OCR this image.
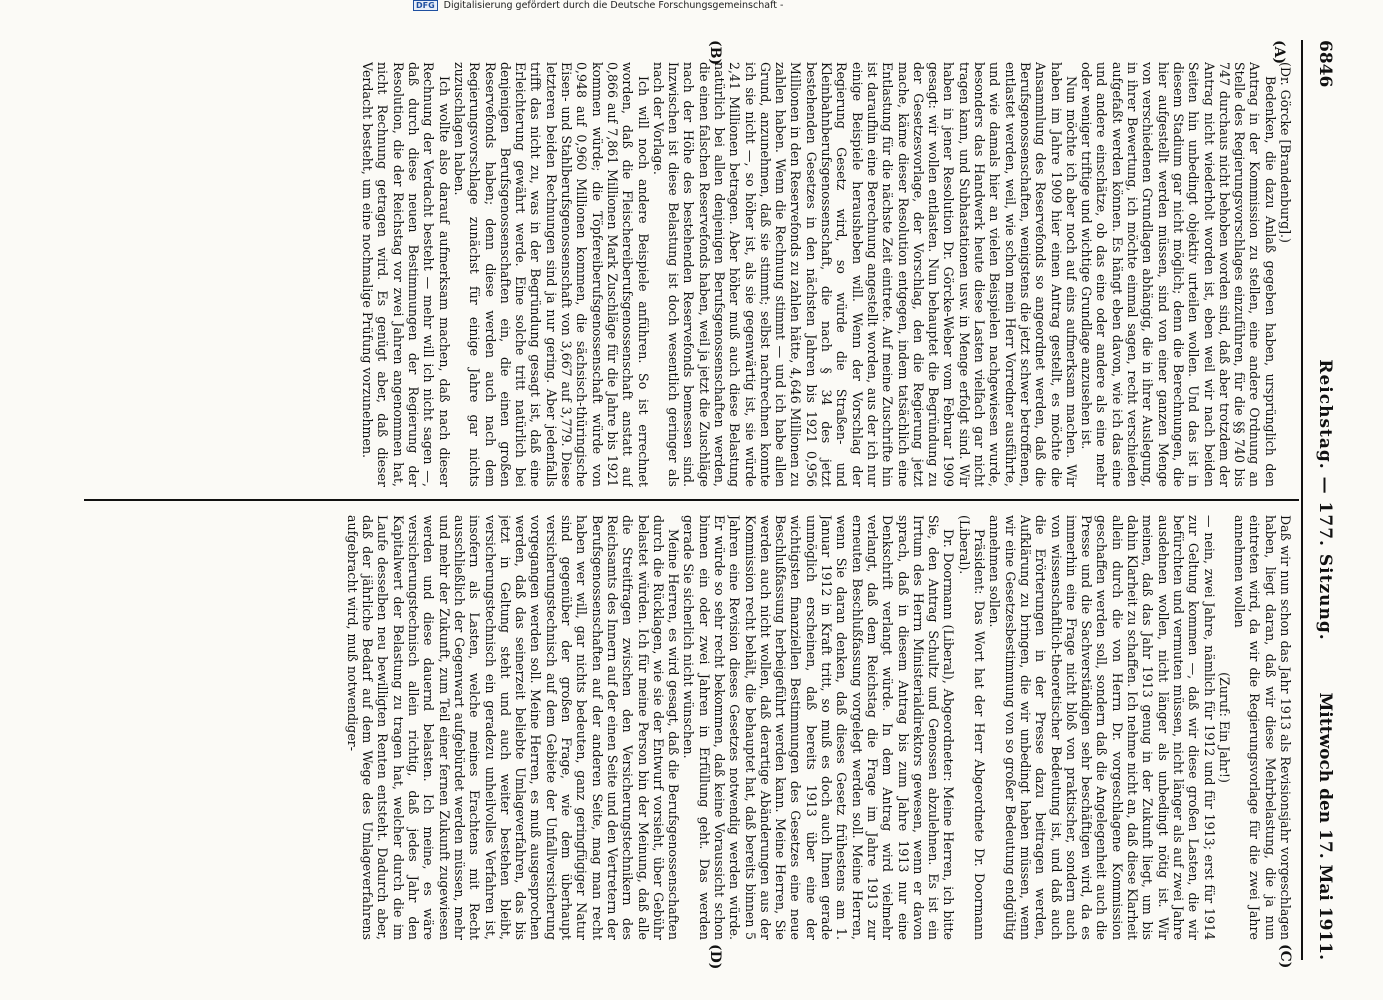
6846
Reichstag. — 177. Sitzung.
Mittwoch den 17. Mai 1911.
(A)
(B)
(C)
(D)

(Dr. Görcke [Brandenburg].)

Bedenken, die dazu Anlaß gegeben haben, ursprünglich den Antrag in der Kommission zu stellen, eine andere Ordnung an Stelle des Regierungsvorschlages einzuführen, für die §§ 740 bis 747 durchaus nicht behoben worden sind, daß aber trotzdem der Antrag nicht wiederholt worden ist, eben weil wir nach beiden Seiten hin unbedingt objektiv urteilen wollen. Und das ist in diesem Stadium gar nicht möglich; denn die Berechnungen, die hier aufgestellt werden müssen, sind von einer ganzen Menge von verschiedenen Grundlagen abhängig, die in ihrer Auslegung, in ihrer Bewertung, ich möchte einmal sagen, recht verschieden aufgefaßt werden können. Es hängt eben davon, wie ich das eine und andere einschätze, ob das eine oder andere als eine mehr oder weniger triftige und wichtige Grundlage anzusehen ist.

Nun möchte ich aber noch auf eins aufmerksam machen. Wir haben im Jahre 1909 hier einen Antrag gestellt, es möchte die Ansammlung des Reservefonds so angeordnet werden, daß die Berufsgenossenschaften, wenigstens die jetzt schwer betroffenen, entlastet werden, weil, wie schon mein Herr Vorredner ausführte, und wie damals hier an vielen Beispielen nachgewiesen wurde, besonders das Handwerk heute diese Lasten vielfach gar nicht tragen kann, und Subhastationen usw. in Menge erfolgt sind. Wir haben in jener Resolution Dr. Görcke-Weber vom Februar 1909 gesagt: wir wollen entlasten. Nun behauptet die Begründung zu der Gesetzesvorlage, der Vorschlag, den die Regierung jetzt mache, käme dieser Resolution entgegen, indem tatsächlich eine Entlastung für die nächste Zeit eintrete. Auf meine Zuschrifte hin ist daraufhin eine Berechnung angestellt worden, aus der ich nur einige Beispiele herausheben will. Wenn der Vorschlag der Regierung Gesetz wird, so würde die Straßen- und Kleinbahnberufsgenossenschaft, die nach § 34 des jetzt bestehenden Gesetzes in den nächsten Jahren bis 1921 0,956 Millionen in den Reservefonds zu zahlen hätte, 4,646 Millionen zu zahlen haben. Wenn die Rechnung stimmt — und ich habe allen Grund, anzunehmen, daß sie stimmt; selbst nachrechnen konnte ich sie nicht —, so höher ist, als sie gegenwärtig ist, sie würde 2,41 Millionen betragen. Aber höher muß auch diese Belastung natürlich bei allen denjenigen Berufsgenossenschaften werden, die einen falschen Reservefonds haben, weil ja jetzt die Zuschläge nach der Höhe des bestehenden Reservefonds bemessen sind. Inzwischen ist diese Belastung ist doch wesentlich geringer als nach der Vorlage.

Ich will noch andere Beispiele anführen. So ist errechnet worden, daß die Fleischereiberufsgenossenschaft anstatt auf 0,866 auf 7,861 Millionen Mark Zuschläge für die Jahre bis 1921 kommen würde; die Töpfereiberufsgenossenschaft würde von 0,948 auf 0,960 Millionen kommen, die sächsisch-thüringische Eisen- und Stahlberufsgenossenschaft von 3,667 auf 3,779. Diese letzteren beiden Rechnungen sind ja nur gering. Aber jedenfalls trifft das nicht zu, was in der Begründung gesagt ist, daß eine Erleichterung gewährt werde. Eine solche tritt natürlich bei denjenigen Berufsgenossenschaften ein, die einen großen Reservefonds haben; denn diese werden auch nach dem Regierungsvorschlage zunächst für einige Jahre gar nichts zuzuschlagen haben.

Ich wollte also darauf aufmerksam machen, daß nach dieser Rechnung der Verdacht besteht — mehr will ich nicht sagen —, daß durch diese neuen Bestimmungen der Regierung der Resolution, die der Reichstag vor zwei Jahren angenommen hat, nicht Rechnung getragen wird. Es genügt aber, daß dieser Verdacht besteht, um eine nochmalige Prüfung vorzunehmen.

Daß wir nun schon das Jahr 1913 als Revisionsjahr vorgeschlagen haben, liegt daran, daß wir diese Mehrbelastung, die ja nun eintreten wird, da wir die Regierungsvorlage für die zwei Jahre annehmen wollen

(Zuruf: Ein Jahr!)

— nein, zwei Jahre, nämlich für 1912 und für 1913; erst für 1914 zur Geltung kommen —, daß wir diese großen Lasten, die wir befürchten und vermuten müssen, nicht länger als auf zwei Jahre ausdehnen wollen, nicht länger als unbedingt nötig ist. Wir meinen, daß das Jahr 1913 genug in der Zukunft liegt, um bis dahin Klarheit zu schaffen. Ich nehme nicht an, daß diese Klarheit allein durch die von Herrn Dr. vorgeschlagene Kommission geschaffen werden soll, sondern daß die Angelegenheit auch die Presse und die Sachverständigen sehr beschäftigen wird, da es immerhin eine Frage nicht bloß von praktischer, sondern auch von wissenschaftlich-theoretischer Bedeutung ist, und daß auch die Erörterungen in der Presse dazu beitragen werden, Aufklärung zu bringen, die wir unbedingt haben müssen, wenn wir eine Gesetzesbestimmung von so großer Bedeutung endgültig annehmen sollen.

Präsident: Das Wort hat der Herr Abgeordnete Dr. Doormann (Liberal).

Dr. Doormann (Liberal), Abgeordneter: Meine Herren, ich bitte Sie, den Antrag Schultz und Genossen abzulehnen. Es ist ein Irrtum des Herrn Ministerialdirektors gewesen, wenn er davon sprach, daß in diesem Antrag bis zum Jahre 1913 nur eine Denkschrift verlangt würde. In dem Antrag wird vielmehr verlangt, daß dem Reichstag die Frage im Jahre 1913 zur erneuten Beschlußfassung vorgelegt werden soll. Meine Herren, wenn Sie daran denken, daß dieses Gesetz frühestens am 1. Januar 1912 in Kraft tritt, so muß es doch auch Ihnen gerade unmöglich erscheinen, daß bereits 1913 über eine der wichtigsten finanziellen Bestimmungen des Gesetzes eine neue Beschlußfassung herbeigeführt werden kann. Meine Herren, Sie werden auch nicht wollen, daß derartige Abänderungen aus der Kommission recht behält, die behauptet hat, daß bereits binnen 5 Jahren eine Revision dieses Gesetzes notwendig werden würde. Er würde so sehr recht bekommen, daß keine Voraussicht schon binnen ein oder zwei Jahren in Erfüllung geht. Das werden gerade Sie sicherlich nicht wünschen.

Meine Herren, es wird gesagt, daß die Berufsgenossenschaften durch die Rücklagen, wie sie der Entwurf vorsieht, über Gebühr belastet würden. Ich für meine Person bin der Meinung, daß alle die Streitfragen zwischen den Versicherungstechnikern des Reichsamts des Innern auf der einen Seite und den Vertretern der Berufsgenossenschaften auf der anderen Seite, mag man recht haben wer will, gar nichts bedeuten, ganz geringfügiger Natur sind gegenüber der großen Frage, wie dem überhaupt versicherungstechnisch auf dem Gebiete der Unfallversicherung vorgegangen werden soll. Meine Herren, es muß ausgesprochen werden, daß das seinerzeit beliebte Umlageverfahren, das bis jetzt in Geltung steht und auch weiter bestehen bleibt, versicherungstechnisch ein geradezu unheilvolles Verfahren ist, insofern als Lasten, welche meines Erachtens mit Recht ausschließlich der Gegenwart aufgebürdet werden müssen, mehr und mehr der Zukunft, zum Teil einer fernen Zukunft zugewiesen werden und diese dauernd belasten. Ich meine, es wäre versicherungstechnisch allein richtig, daß jedes Jahr den Kapitalwert der Belastung zu tragen hat, welcher durch die im Laufe desselben neu bewilligten Renten entsteht. Dadurch aber, daß der jährliche Bedarf auf dem Wege des Umlageverfahrens aufgebracht wird, muß notwendiger-

DFG Digitalisierung gefördert durch die Deutsche Forschungsgemeinschaft -
